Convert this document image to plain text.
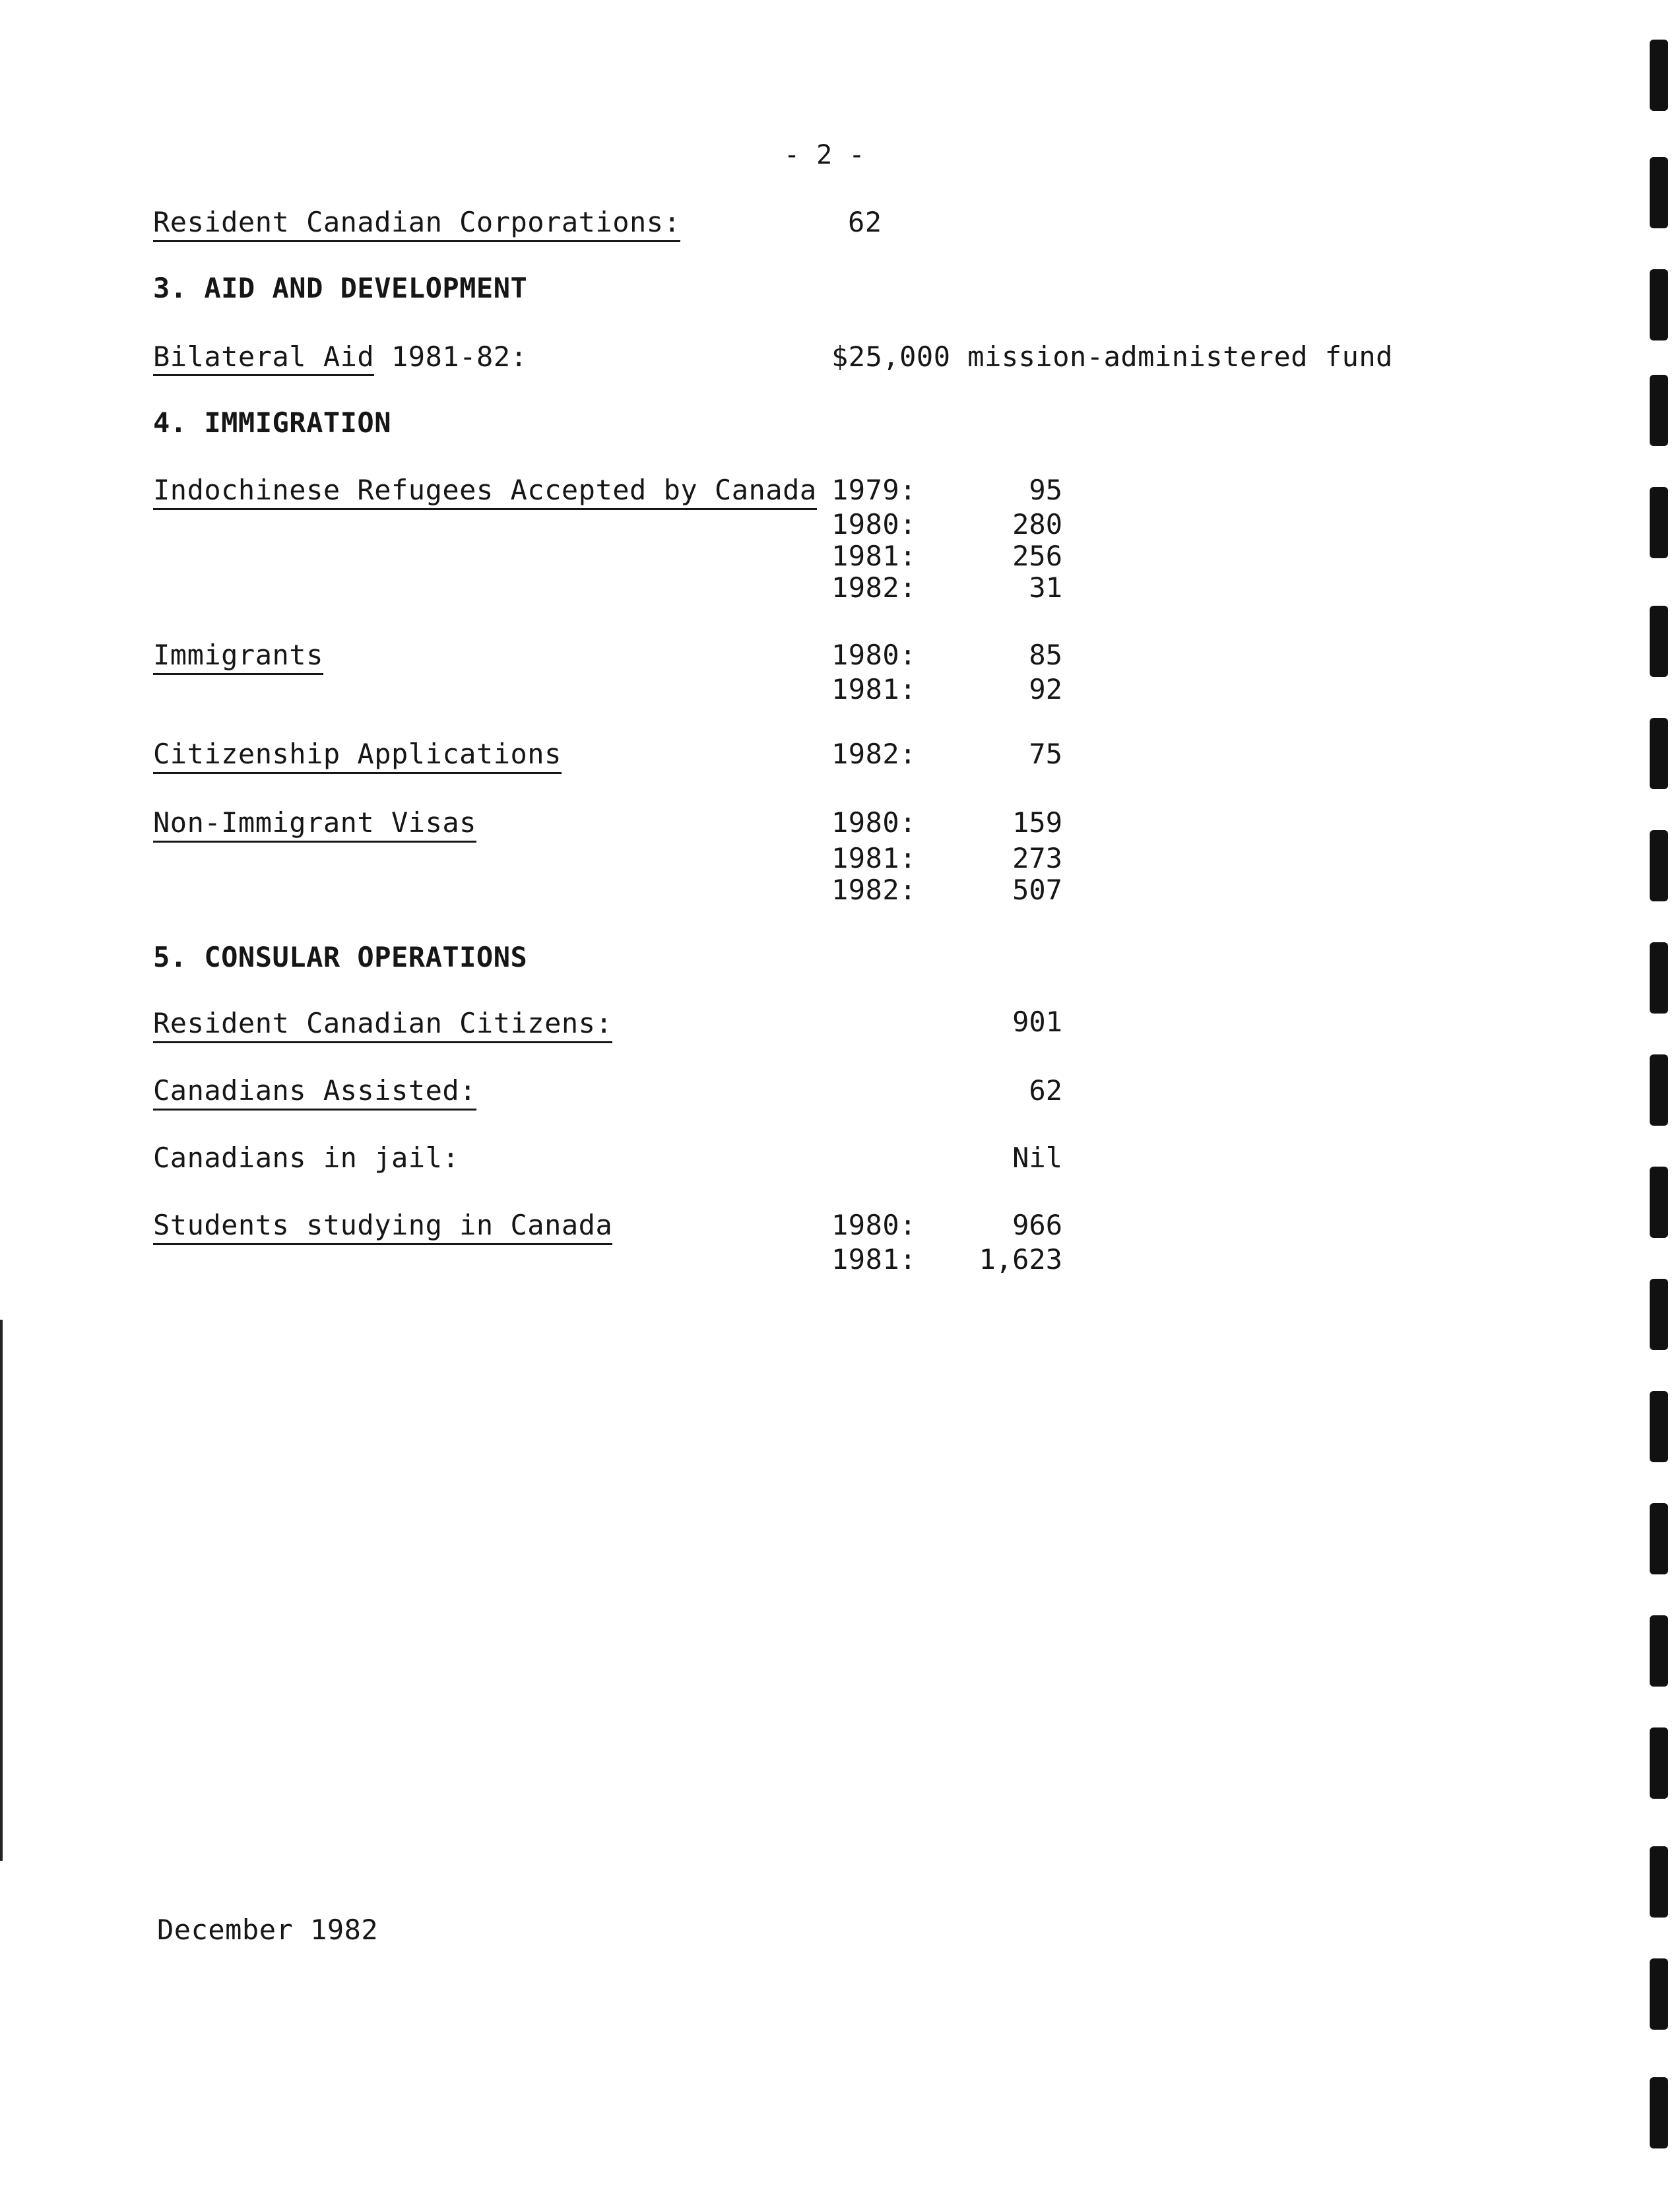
- 2 -
Resident Canadian Corporations:	62
3. AID AND DEVELOPMENT
Bilateral Aid 1981-82:	$25,000 mission-administered fund
4. IMMIGRATION
Indochinese Refugees Accepted by Canada 1979:	95
1980:	280
1981:	256
1982:	31
Immigrants	1980:	85
1981:	92
Citizenship Applications	1982:	75
Non-Immigrant Visas	1980:	159
1981:	273
1982:	507
5. CONSULAR OPERATIONS
Resident Canadian Citizens:	901
Canadians Assisted:	62
Canadians in jail:	Nil
Students studying in Canada	1980:	966
1981:	1,623
December 1982
